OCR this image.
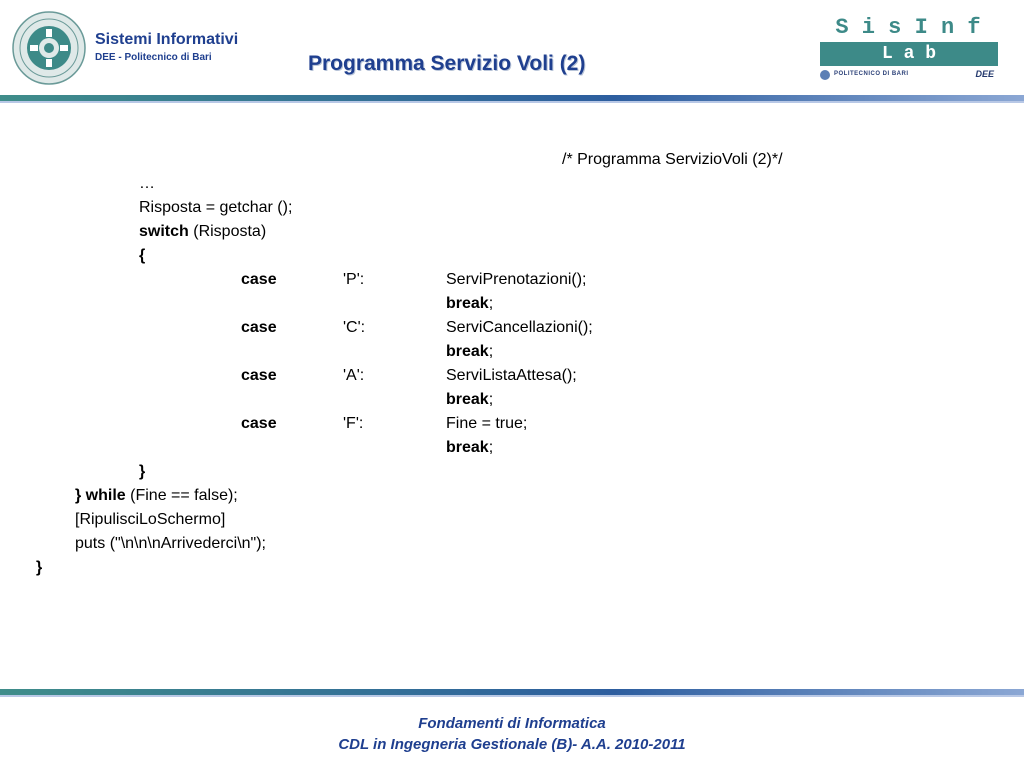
Sistemi Informativi
DEE - Politecnico di Bari	Programma Servizio Voli (2)
S i s I n f
L a b
POLITECNICO DI BARI	DEE
/* Programma ServizioVoli (2)*/
…
Risposta = getchar ();
switch (Risposta)
{
case	'P':	ServiPrenotazioni();
break;
case	'C':	ServiCancellazioni();
break;
case	'A':	ServiListaAttesa();
break;
case	'F':	Fine = true;
break;
}
} while (Fine == false);
[RipulisciLoSchermo]
puts ("\n\n\nArrivederci\n");
}
Fondamenti di Informatica
CDL in Ingegneria Gestionale (B)- A.A. 2010-2011
